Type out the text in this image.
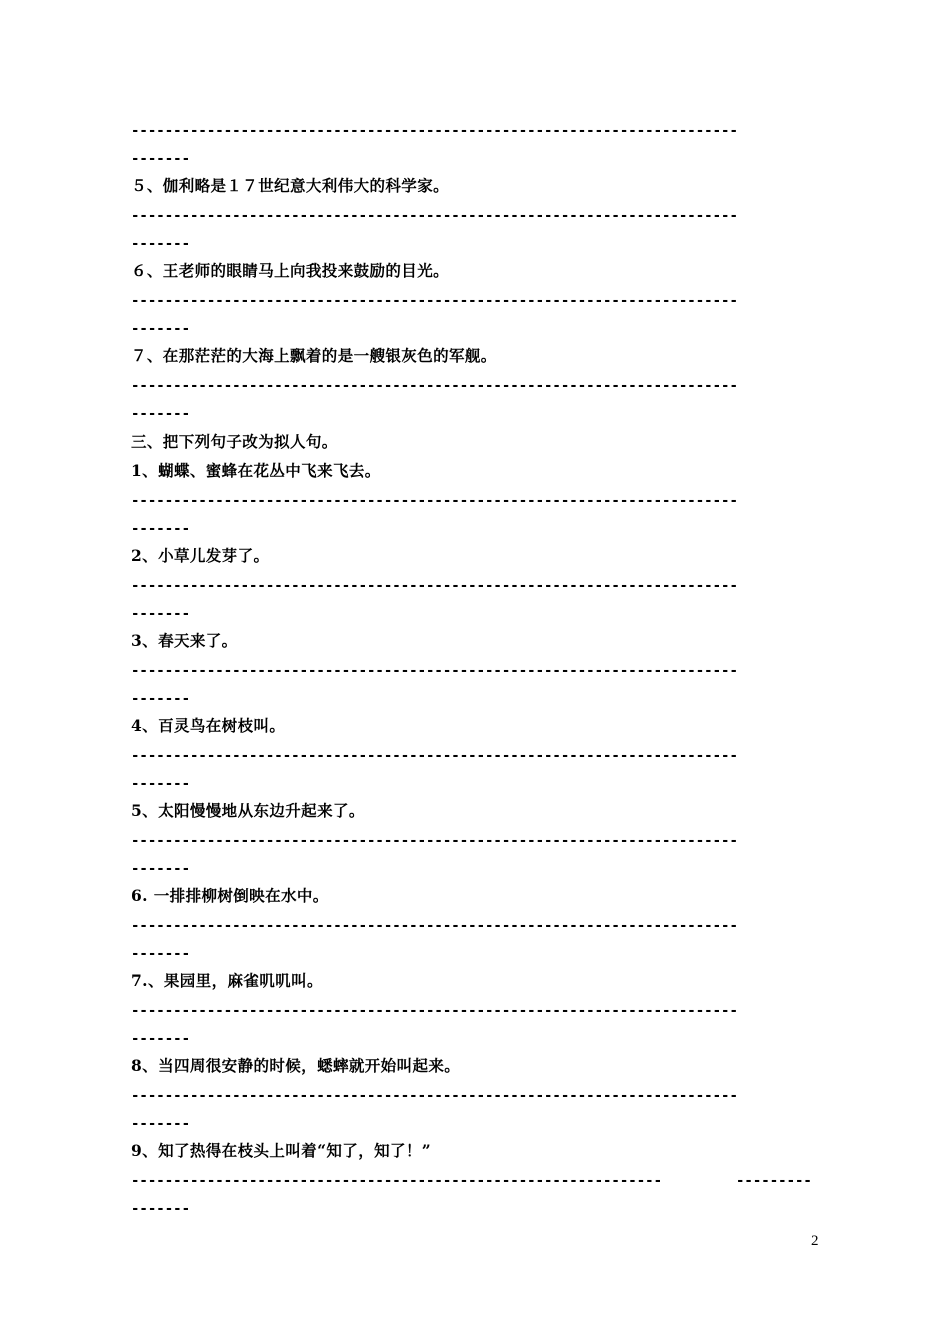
------------------------------------------------------------------------
-------
５、伽利略是１７世纪意大利伟大的科学家。
------------------------------------------------------------------------
-------
６、王老师的眼睛马上向我投来鼓励的目光。
------------------------------------------------------------------------
-------
７、在那茫茫的大海上飘着的是一艘银灰色的军舰。
------------------------------------------------------------------------
-------
三、把下列句子改为拟人句。
1、蝴蝶、蜜蜂在花丛中飞来飞去。
------------------------------------------------------------------------
-------
2、小草儿发芽了。
------------------------------------------------------------------------
-------
3、春天来了。
------------------------------------------------------------------------
-------
4、百灵鸟在树枝叫。
------------------------------------------------------------------------
-------
5、太阳慢慢地从东边升起来了。
------------------------------------------------------------------------
-------
6. 一排排柳树倒映在水中。
------------------------------------------------------------------------
-------
7.、果园里，麻雀叽叽叫。
------------------------------------------------------------------------
-------
8、当四周很安静的时候，蟋蟀就开始叫起来。
------------------------------------------------------------------------
-------
9、知了热得在枝头上叫着“知了，知了！”
---------------------------------------------------------------	---------
-------
2
